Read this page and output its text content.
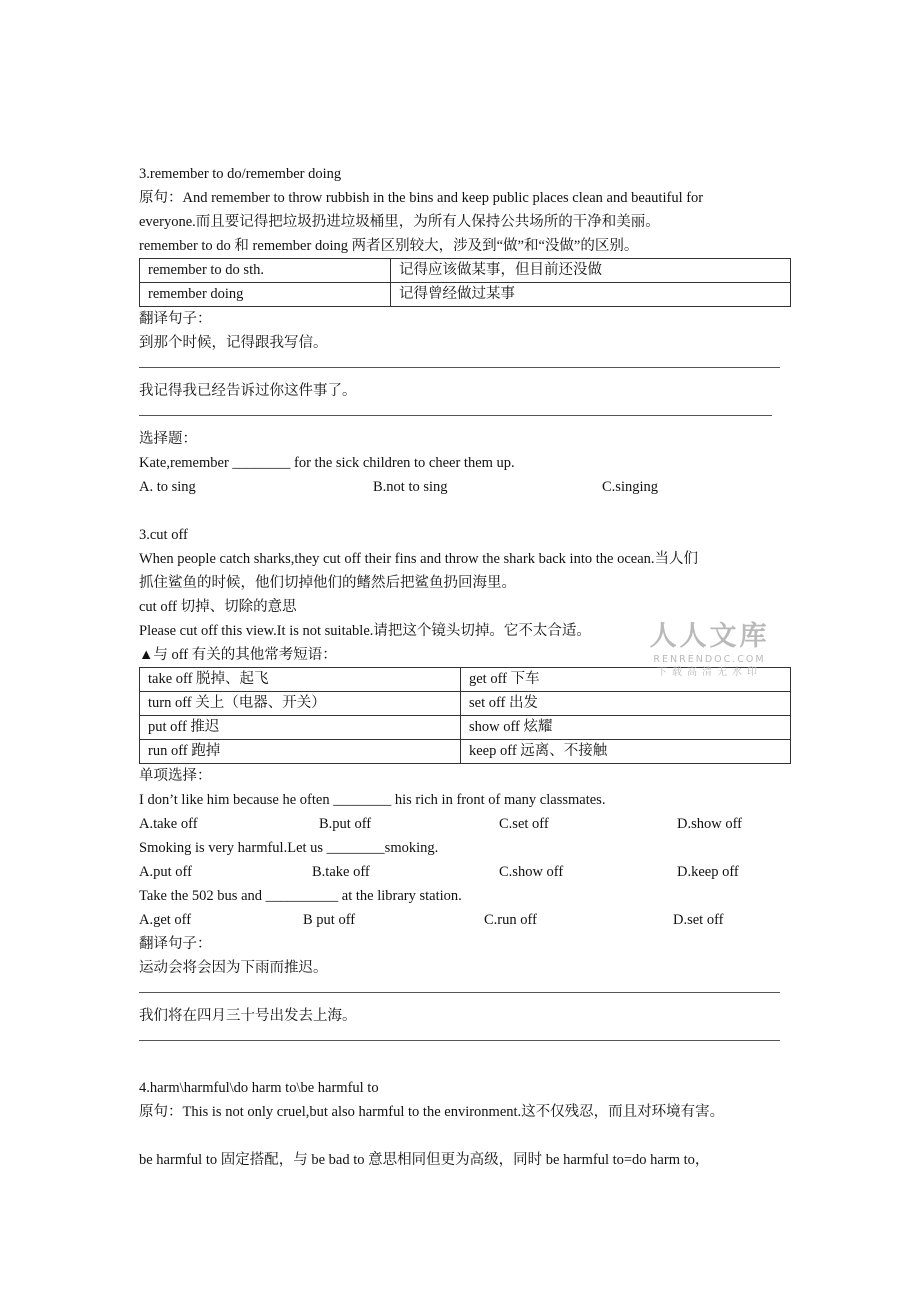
3.remember to do/remember doing
原句：And remember to throw rubbish in the bins and keep public places clean and beautiful for
everyone.而且要记得把垃圾扔进垃圾桶里，为所有人保持公共场所的干净和美丽。
remember to do 和 remember doing 两者区别较大，涉及到“做”和“没做”的区别。
remember to do sth.	记得应该做某事，但目前还没做
remember doing	记得曾经做过某事
翻译句子：
到那个时候，记得跟我写信。
我记得我已经告诉过你这件事了。
选择题：
Kate,remember ________ for the sick children to cheer them up.
A. to sing	B.not to sing	C.singing
3.cut off
When people catch sharks,they cut off their fins and throw the shark back into the ocean.当人们
抓住鲨鱼的时候，他们切掉他们的鳍然后把鲨鱼扔回海里。
cut off 切掉、切除的意思
Please cut off this view.It is not suitable.请把这个镜头切掉。它不太合适。
▲与 off 有关的其他常考短语：
take off 脱掉、起飞	get off 下车
turn off 关上（电器、开关）	set off 出发
put off 推迟	show off 炫耀
run off 跑掉	keep off 远离、不接触
单项选择：
I don’t like him because he often ________ his rich in front of many classmates.
A.take off	B.put off	C.set off	D.show off
Smoking is very harmful.Let us ________smoking.
A.put off	B.take off	C.show off	D.keep off
Take the 502 bus and __________ at the library station.
A.get off	B put off	C.run off	D.set off
翻译句子：
运动会将会因为下雨而推迟。
我们将在四月三十号出发去上海。
4.harm\harmful\do harm to\be harmful to
原句：This is not only cruel,but also harmful to the environment.这不仅残忍，而且对环境有害。
be harmful to 固定搭配，与 be bad to 意思相同但更为高级，同时 be harmful to=do harm to，
人人文库
RENRENDOC.COM
下载高清无水印
